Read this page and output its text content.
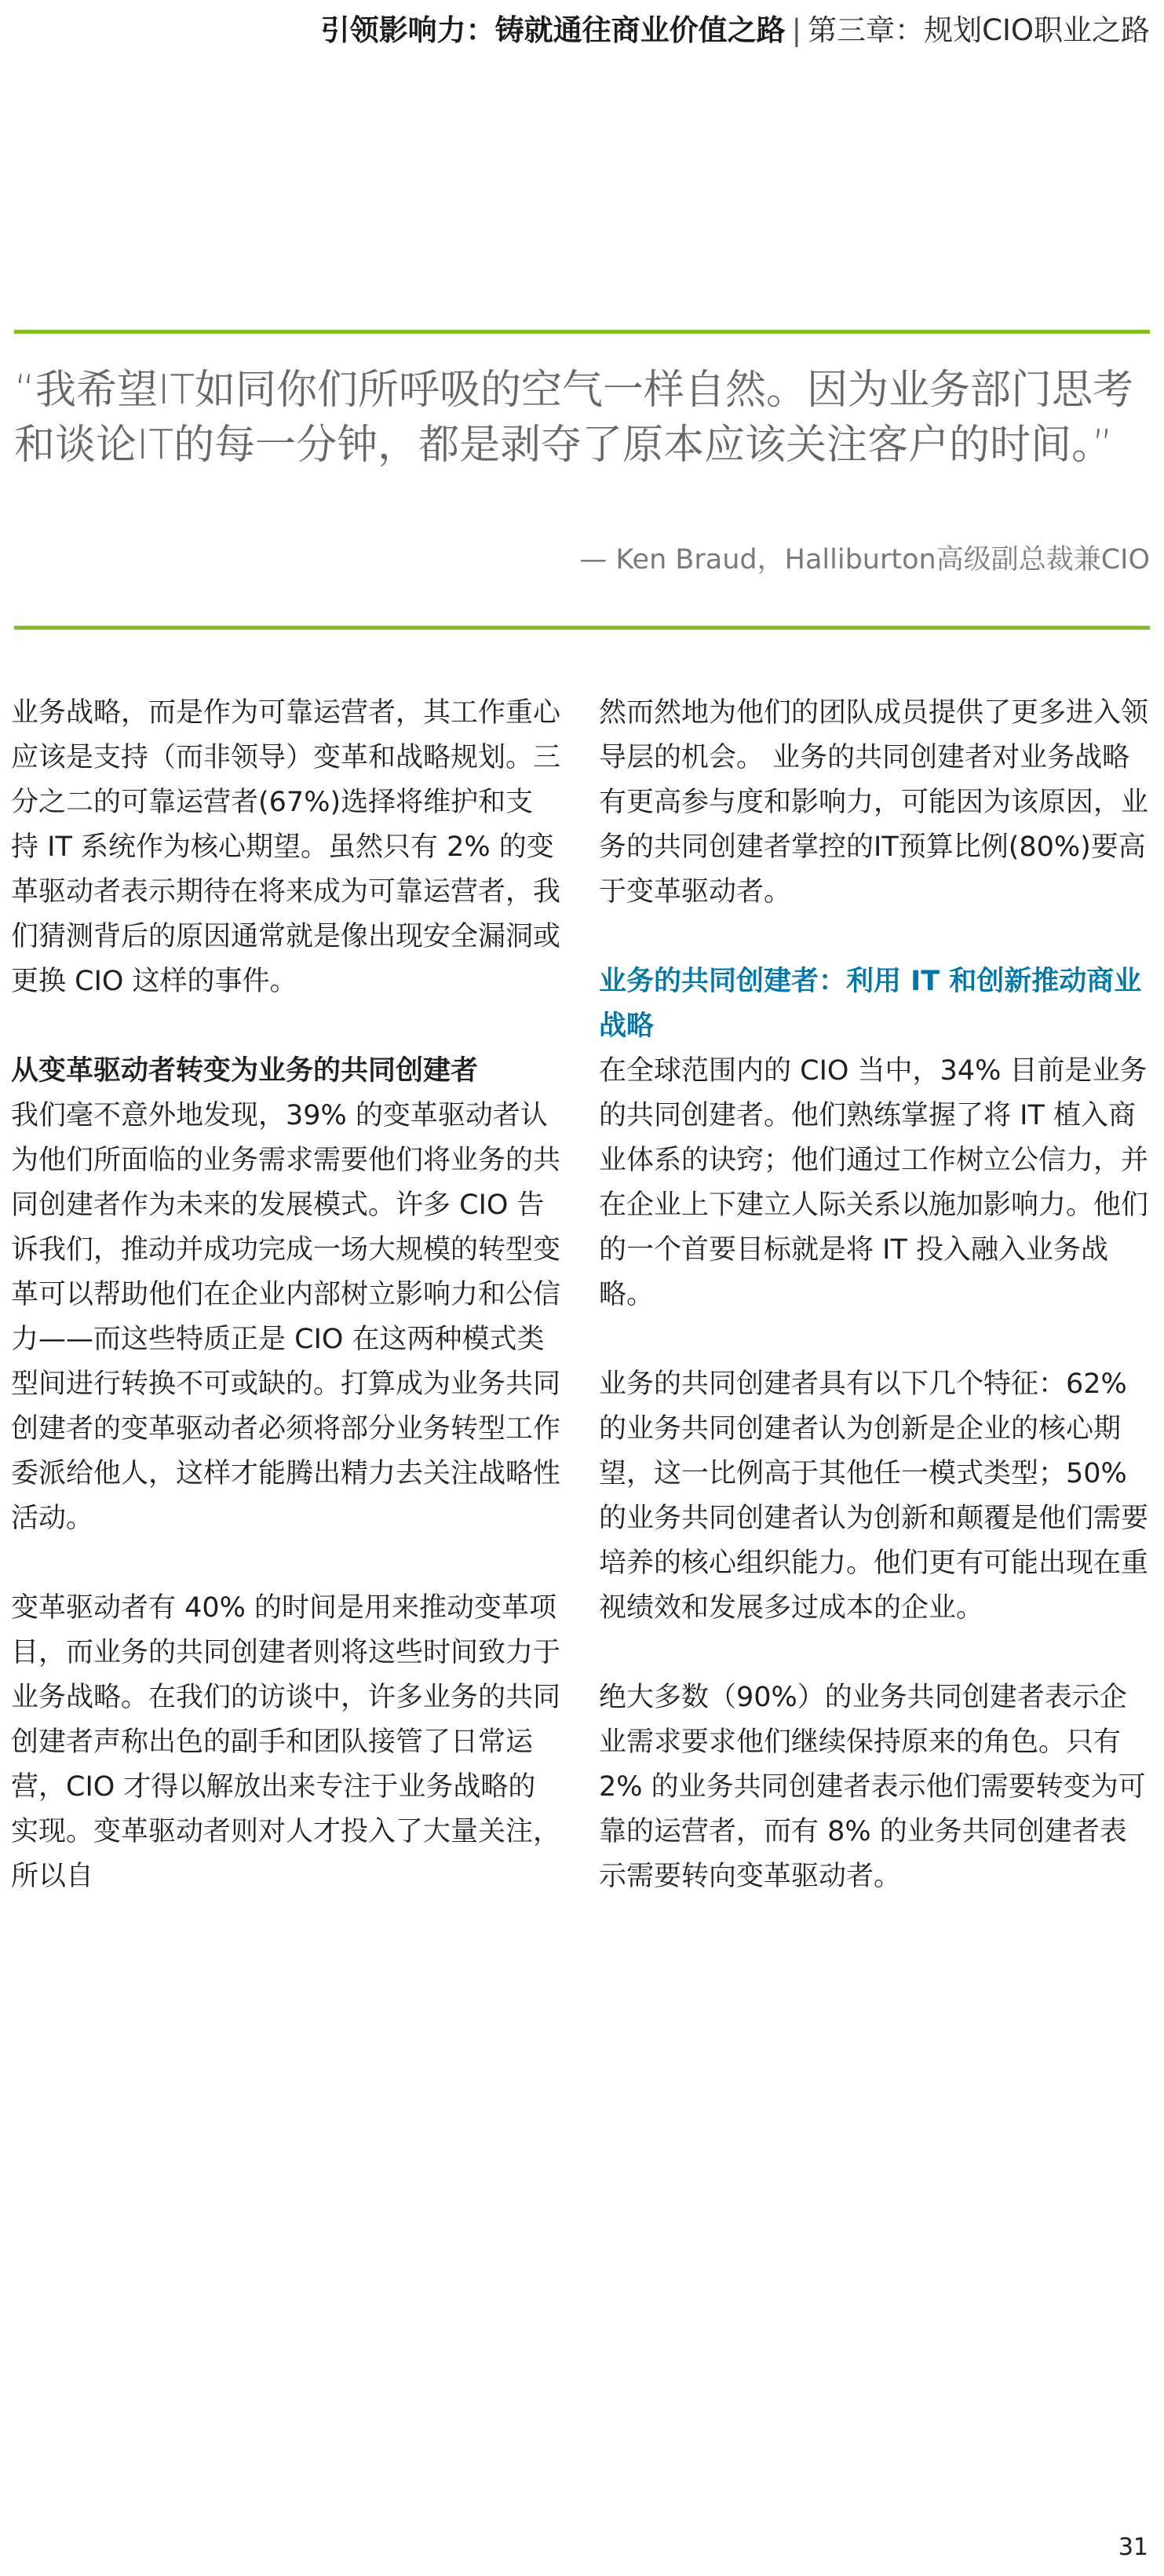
引领影响力：铸就通往商业价值之路 | 第三章：规划CIO职业之路

“我希望IT如同你们所呼吸的空气一样自然。因为业务部门思考和谈论IT的每一分钟，都是剥夺了原本应该关注客户的时间。”

— Ken Braud，Halliburton高级副总裁兼CIO

业务战略，而是作为可靠运营者，其工作重心应该是支持（而非领导）变革和战略规划。三分之二的可靠运营者(67%)选择将维护和支持 IT 系统作为核心期望。虽然只有 2% 的变革驱动者表示期待在将来成为可靠运营者，我们猜测背后的原因通常就是像出现安全漏洞或更换 CIO 这样的事件。

从变革驱动者转变为业务的共同创建者

我们毫不意外地发现，39% 的变革驱动者认为他们所面临的业务需求需要他们将业务的共同创建者作为未来的发展模式。许多 CIO 告诉我们，推动并成功完成一场大规模的转型变革可以帮助他们在企业内部树立影响力和公信力——而这些特质正是 CIO 在这两种模式类型间进行转换不可或缺的。打算成为业务共同创建者的变革驱动者必须将部分业务转型工作委派给他人，这样才能腾出精力去关注战略性活动。

变革驱动者有 40% 的时间是用来推动变革项目，而业务的共同创建者则将这些时间致力于业务战略。在我们的访谈中，许多业务的共同创建者声称出色的副手和团队接管了日常运营，CIO 才得以解放出来专注于业务战略的实现。变革驱动者则对人才投入了大量关注，所以自

然而然地为他们的团队成员提供了更多进入领导层的机会。 业务的共同创建者对业务战略有更高参与度和影响力，可能因为该原因，业务的共同创建者掌控的IT预算比例(80%)要高于变革驱动者。

业务的共同创建者：利用 IT 和创新推动商业战略

在全球范围内的 CIO 当中，34% 目前是业务的共同创建者。他们熟练掌握了将 IT 植入商业体系的诀窍；他们通过工作树立公信力，并在企业上下建立人际关系以施加影响力。他们的一个首要目标就是将 IT 投入融入业务战略。

业务的共同创建者具有以下几个特征：62% 的业务共同创建者认为创新是企业的核心期望，这一比例高于其他任一模式类型；50% 的业务共同创建者认为创新和颠覆是他们需要培养的核心组织能力。他们更有可能出现在重视绩效和发展多过成本的企业。

绝大多数（90%）的业务共同创建者表示企业需求要求他们继续保持原来的角色。只有 2% 的业务共同创建者表示他们需要转变为可靠的运营者，而有 8% 的业务共同创建者表示需要转向变革驱动者。

31
